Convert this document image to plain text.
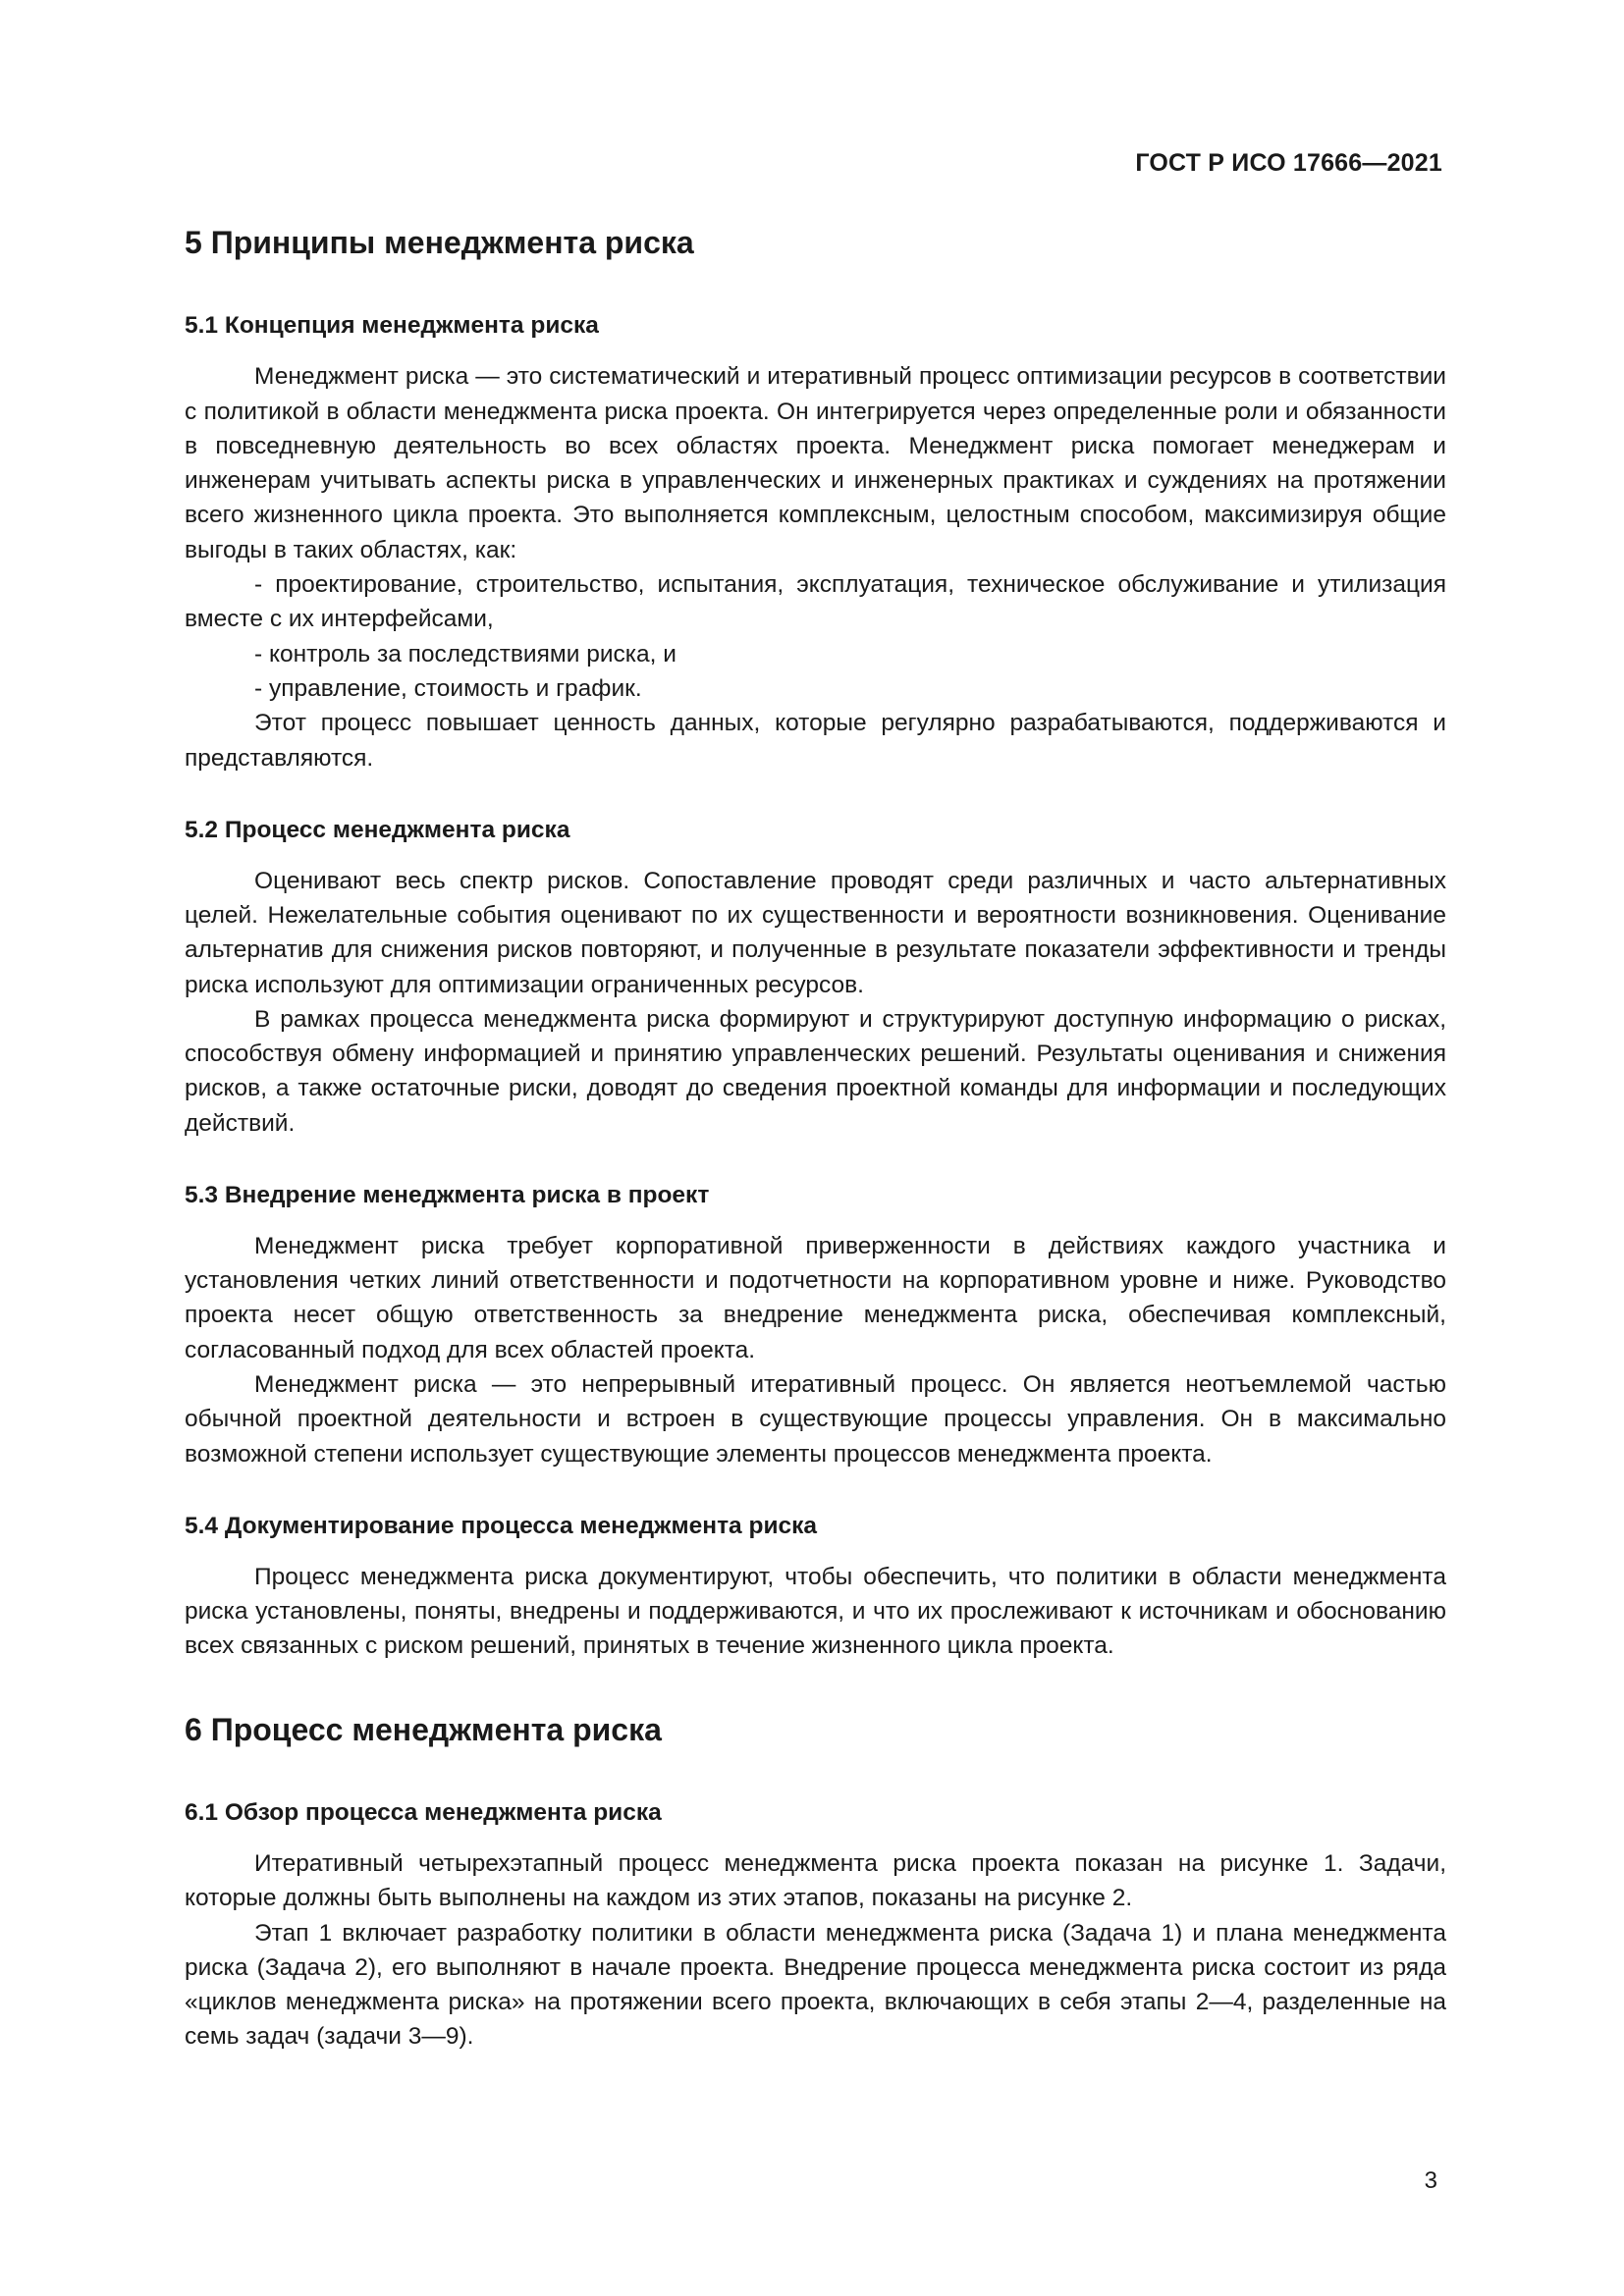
ГОСТ Р ИСО 17666—2021
5 Принципы менеджмента риска
5.1 Концепция менеджмента риска

Менеджмент риска — это систематический и итеративный процесс оптимизации ресурсов в соответствии с политикой в области менеджмента риска проекта. Он интегрируется через определенные роли и обязанности в повседневную деятельность во всех областях проекта. Менеджмент риска помогает менеджерам и инженерам учитывать аспекты риска в управленческих и инженерных практиках и суждениях на протяжении всего жизненного цикла проекта. Это выполняется комплексным, целостным способом, максимизируя общие выгоды в таких областях, как:

- проектирование, строительство, испытания, эксплуатация, техническое обслуживание и утилизация вместе с их интерфейсами,

- контроль за последствиями риска, и

- управление, стоимость и график.

Этот процесс повышает ценность данных, которые регулярно разрабатываются, поддерживаются и представляются.

5.2 Процесс менеджмента риска

Оценивают весь спектр рисков. Сопоставление проводят среди различных и часто альтернативных целей. Нежелательные события оценивают по их существенности и вероятности возникновения. Оценивание альтернатив для снижения рисков повторяют, и полученные в результате показатели эффективности и тренды риска используют для оптимизации ограниченных ресурсов.

В рамках процесса менеджмента риска формируют и структурируют доступную информацию о рисках, способствуя обмену информацией и принятию управленческих решений. Результаты оценивания и снижения рисков, а также остаточные риски, доводят до сведения проектной команды для информации и последующих действий.

5.3 Внедрение менеджмента риска в проект

Менеджмент риска требует корпоративной приверженности в действиях каждого участника и установления четких линий ответственности и подотчетности на корпоративном уровне и ниже. Руководство проекта несет общую ответственность за внедрение менеджмента риска, обеспечивая комплексный, согласованный подход для всех областей проекта.

Менеджмент риска — это непрерывный итеративный процесс. Он является неотъемлемой частью обычной проектной деятельности и встроен в существующие процессы управления. Он в максимально возможной степени использует существующие элементы процессов менеджмента проекта.

5.4 Документирование процесса менеджмента риска

Процесс менеджмента риска документируют, чтобы обеспечить, что политики в области менеджмента риска установлены, поняты, внедрены и поддерживаются, и что их прослеживают к источникам и обоснованию всех связанных с риском решений, принятых в течение жизненного цикла проекта.

6 Процесс менеджмента риска
6.1 Обзор процесса менеджмента риска

Итеративный четырехэтапный процесс менеджмента риска проекта показан на рисунке 1. Задачи, которые должны быть выполнены на каждом из этих этапов, показаны на рисунке 2.

Этап 1 включает разработку политики в области менеджмента риска (Задача 1) и плана менеджмента риска (Задача 2), его выполняют в начале проекта. Внедрение процесса менеджмента риска состоит из ряда «циклов менеджмента риска» на протяжении всего проекта, включающих в себя этапы 2—4, разделенные на семь задач (задачи 3—9).

3
